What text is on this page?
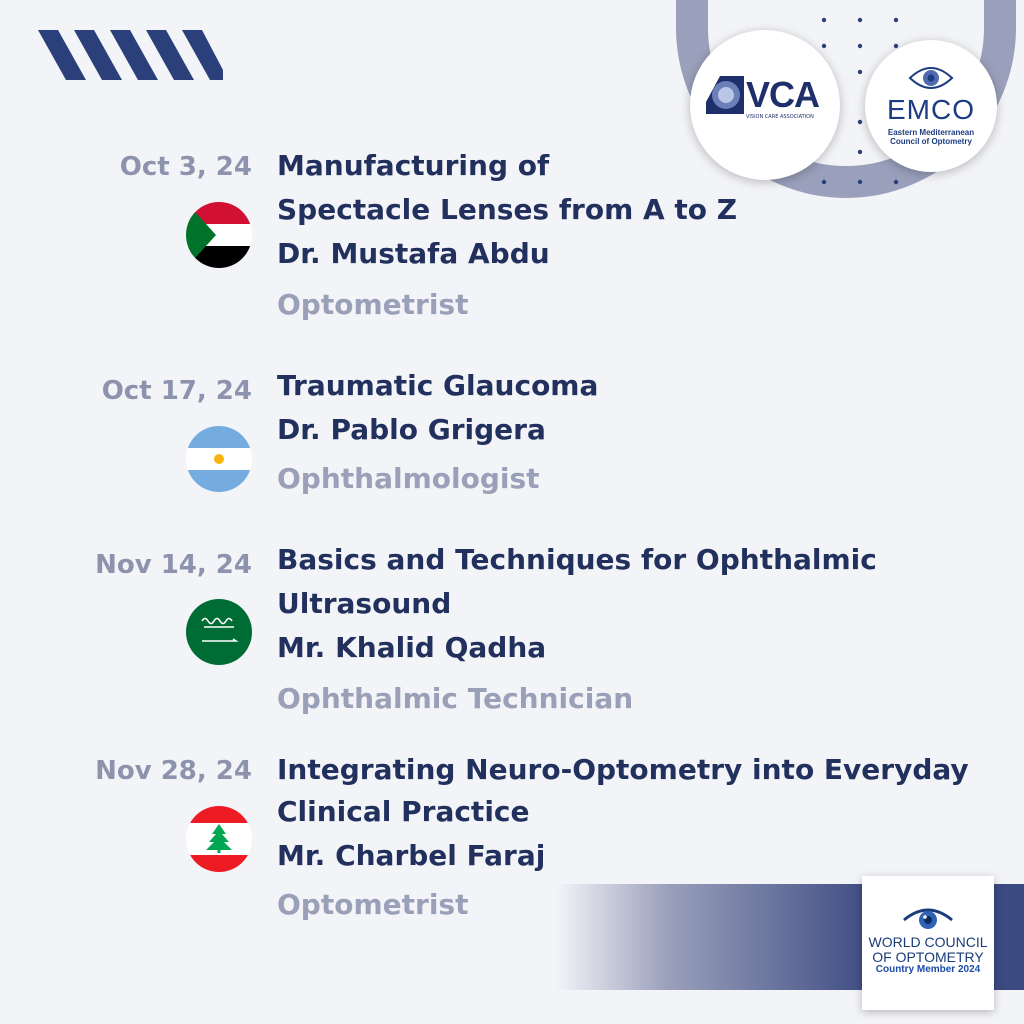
VCA
VISION CARE ASSOCIATION	EMCO
Eastern Mediterranean
Council of Optometry
Oct 3, 24 Manufacturing of
Spectacle Lenses from A to Z
Dr. Mustafa Abdu
Optometrist
Oct 17, 24 Traumatic Glaucoma
Dr. Pablo Grigera
Ophthalmologist
Nov 14, 24 Basics and Techniques for Ophthalmic
Ultrasound
Mr. Khalid Qadha
Ophthalmic Technician
Nov 28, 24 Integrating Neuro-Optometry into Everyday
Clinical Practice
Mr. Charbel Faraj
Optometrist
WORLD COUNCIL
OF OPTOMETRY
Country Member 2024
